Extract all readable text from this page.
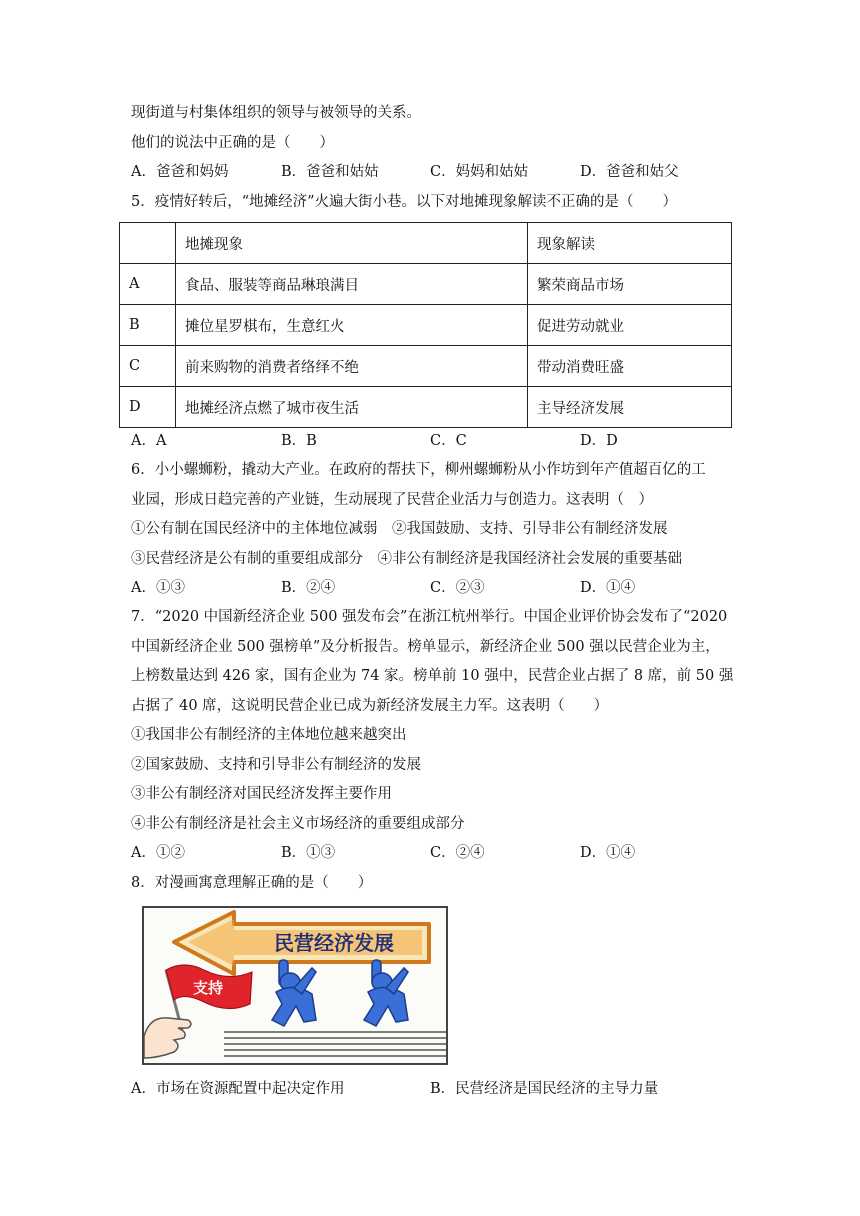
现街道与村集体组织的领导与被领导的关系。
他们的说法中正确的是（　　）
A．爸爸和妈妈	B．爸爸和姑姑	C．妈妈和姑姑	D．爸爸和姑父
5．疫情好转后，“地摊经济”火遍大街小巷。以下对地摊现象解读不正确的是（　　）
	地摊现象	现象解读
A	食品、服装等商品琳琅满目	繁荣商品市场
B	摊位星罗棋布，生意红火	促进劳动就业
C	前来购物的消费者络绎不绝	带动消费旺盛
D	地摊经济点燃了城市夜生活	主导经济发展
A．A	B．B	C．C	D．D
6．小小螺蛳粉，撬动大产业。在政府的帮扶下，柳州螺蛳粉从小作坊到年产值超百亿的工
业园，形成日趋完善的产业链，生动展现了民营企业活力与创造力。这表明（　）
①公有制在国民经济中的主体地位减弱　②我国鼓励、支持、引导非公有制经济发展
③民营经济是公有制的重要组成部分　④非公有制经济是我国经济社会发展的重要基础
A．①③	B．②④	C．②③	D．①④
7．“2020 中国新经济企业 500 强发布会”在浙江杭州举行。中国企业评价协会发布了“2020
中国新经济企业 500 强榜单”及分析报告。榜单显示，新经济企业 500 强以民营企业为主，
上榜数量达到 426 家，国有企业为 74 家。榜单前 10 强中，民营企业占据了 8 席，前 50 强
占据了 40 席，这说明民营企业已成为新经济发展主力军。这表明（　　）
①我国非公有制经济的主体地位越来越突出
②国家鼓励、支持和引导非公有制经济的发展
③非公有制经济对国民经济发挥主要作用
④非公有制经济是社会主义市场经济的重要组成部分
A．①②	B．①③	C．②④	D．①④
8．对漫画寓意理解正确的是（　　）
民营经济发展
支持
A．市场在资源配置中起决定作用	B．民营经济是国民经济的主导力量
